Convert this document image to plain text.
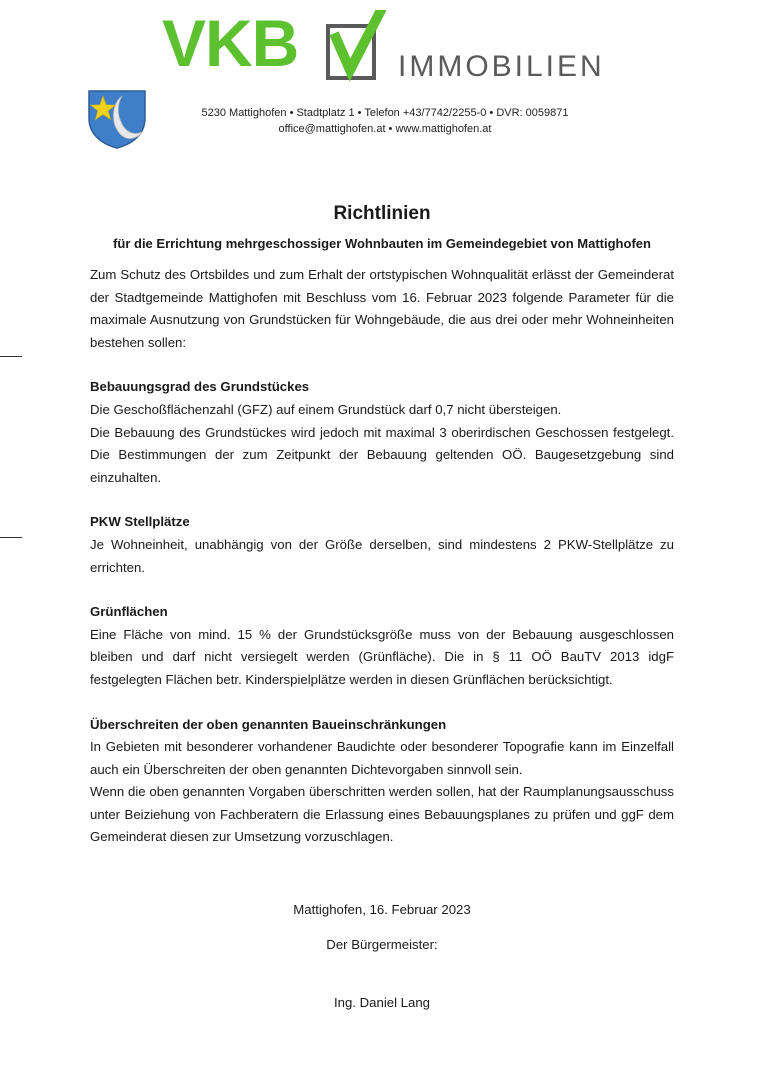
VKB	IMMOBILIEN
5230 Mattighofen • Stadtplatz 1 • Telefon +43/7742/2255-0 • DVR: 0059871
office@mattighofen.at • www.mattighofen.at
Richtlinien
für die Errichtung mehrgeschossiger Wohnbauten im Gemeindegebiet von Mattighofen

Zum Schutz des Ortsbildes und zum Erhalt der ortstypischen Wohnqualität erlässt der Gemeinderat der Stadtgemeinde Mattighofen mit Beschluss vom 16. Februar 2023 folgende Parameter für die maximale Ausnutzung von Grundstücken für Wohngebäude, die aus drei oder mehr Wohneinheiten bestehen sollen:

Bebauungsgrad des Grundstückes

Die Geschoßflächenzahl (GFZ) auf einem Grundstück darf 0,7 nicht übersteigen.

Die Bebauung des Grundstückes wird jedoch mit maximal 3 oberirdischen Geschossen festgelegt. Die Bestimmungen der zum Zeitpunkt der Bebauung geltenden OÖ. Baugesetzgebung sind einzuhalten.

PKW Stellplätze

Je Wohneinheit, unabhängig von der Größe derselben, sind mindestens 2 PKW-Stellplätze zu errichten.

Grünflächen

Eine Fläche von mind. 15 % der Grundstücksgröße muss von der Bebauung ausgeschlossen bleiben und darf nicht versiegelt werden (Grünfläche). Die in § 11 OÖ BauTV 2013 idgF festgelegten Flächen betr. Kinderspielplätze werden in diesen Grünflächen berücksichtigt.

Überschreiten der oben genannten Baueinschränkungen

In Gebieten mit besonderer vorhandener Baudichte oder besonderer Topografie kann im Einzelfall auch ein Überschreiten der oben genannten Dichtevorgaben sinnvoll sein.

Wenn die oben genannten Vorgaben überschritten werden sollen, hat der Raumplanungsausschuss unter Beiziehung von Fachberatern die Erlassung eines Bebauungsplanes zu prüfen und ggF dem Gemeinderat diesen zur Umsetzung vorzuschlagen.

Mattighofen, 16. Februar 2023
Der Bürgermeister:
Ing. Daniel Lang
